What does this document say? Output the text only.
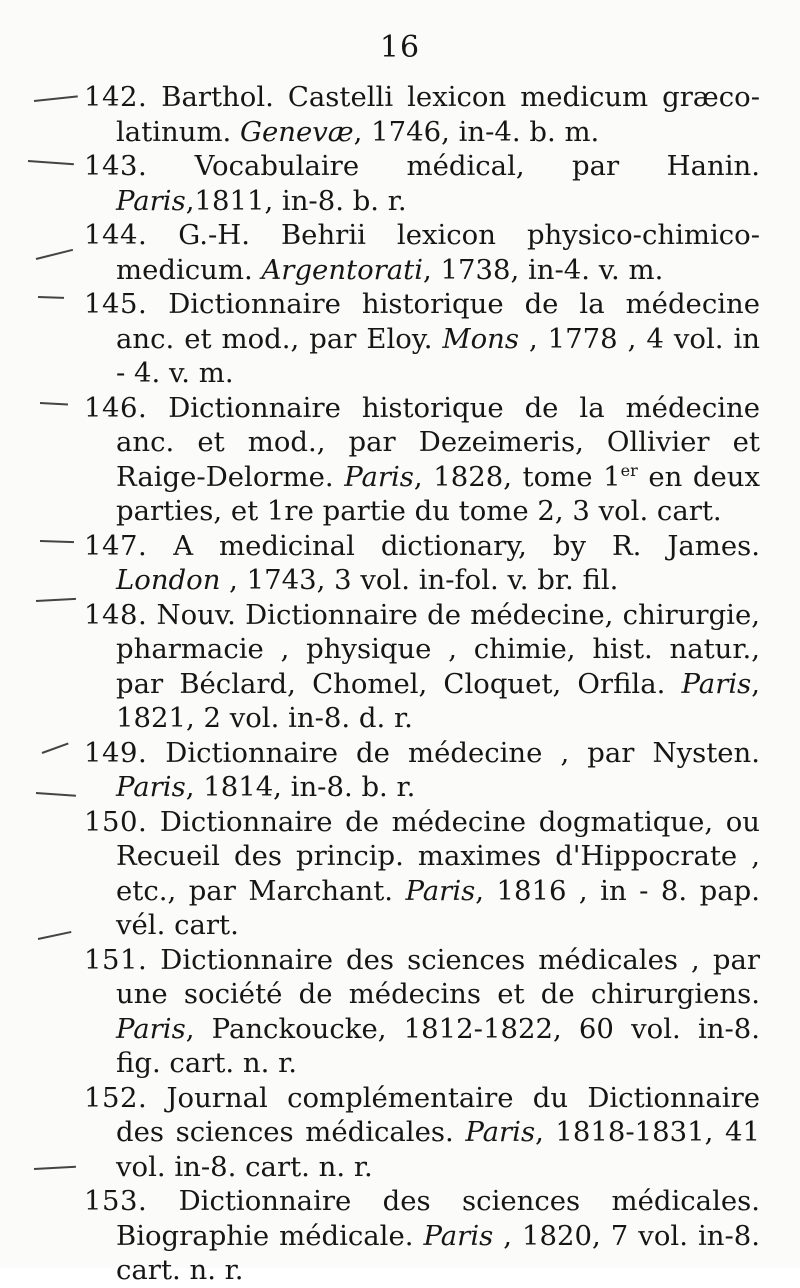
16
142. Barthol. Castelli lexicon medicum græco-latinum. Genevæ, 1746, in-4. b. m.
143. Vocabulaire médical, par Hanin. Paris,1811, in-8. b. r.
144. G.-H. Behrii lexicon physico-chimico-medicum. Argentorati, 1738, in-4. v. m.
145. Dictionnaire historique de la médecine anc. et mod., par Eloy. Mons , 1778 , 4 vol. in - 4. v. m.
146. Dictionnaire historique de la médecine anc. et mod., par Dezeimeris, Ollivier et Raige-Delorme. Paris, 1828, tome 1er en deux parties, et 1re partie du tome 2, 3 vol. cart.
147. A medicinal dictionary, by R. James. London , 1743, 3 vol. in-fol. v. br. fil.
148. Nouv. Dictionnaire de médecine, chirurgie, pharmacie , physique , chimie, hist. natur., par Béclard, Chomel, Cloquet, Orfila. Paris, 1821, 2 vol. in-8. d. r.
149. Dictionnaire de médecine , par Nysten. Paris, 1814, in-8. b. r.
150. Dictionnaire de médecine dogmatique, ou Recueil des princip. maximes d'Hippocrate , etc., par Marchant. Paris, 1816 , in - 8. pap. vél. cart.
151. Dictionnaire des sciences médicales , par une société de médecins et de chirurgiens. Paris, Panckoucke, 1812-1822, 60 vol. in-8. fig. cart. n. r.
152. Journal complémentaire du Dictionnaire des sciences médicales. Paris, 1818-1831, 41 vol. in-8. cart. n. r.
153. Dictionnaire des sciences médicales. Biographie médicale. Paris , 1820, 7 vol. in-8. cart. n. r.
